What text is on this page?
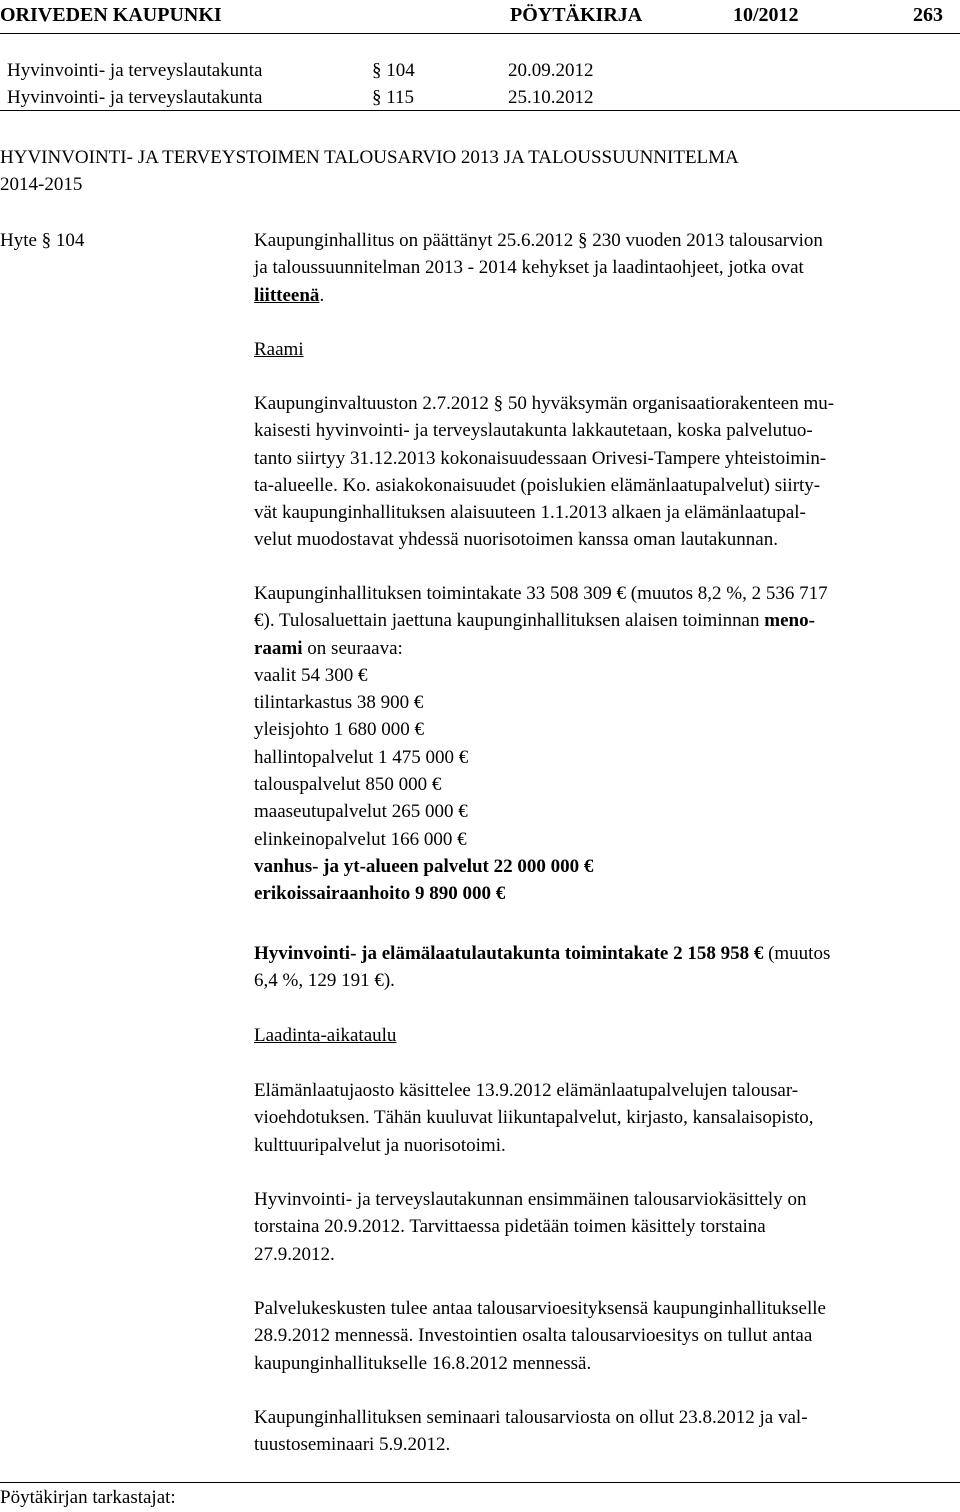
ORIVEDEN KAUPUNKI	PÖYTÄKIRJA	10/2012	263
Hyvinvointi- ja terveyslautakunta	§ 104	20.09.2012
Hyvinvointi- ja terveyslautakunta	§ 115	25.10.2012
HYVINVOINTI- JA TERVEYSTOIMEN TALOUSARVIO 2013 JA TALOUSSUUNNITELMA
2014-2015
Hyte § 104	Kaupunginhallitus on päättänyt 25.6.2012 § 230 vuoden 2013 talousarvion

ja taloussuunnitelman 2013 - 2014 kehykset ja laadintaohjeet, jotka ovat

liitteenä.

Raami

Kaupunginvaltuuston 2.7.2012 § 50 hyväksymän organisaatiorakenteen mu-

kaisesti hyvinvointi- ja terveyslautakunta lakkautetaan, koska palvelutuo-

tanto siirtyy 31.12.2013 kokonaisuudessaan Orivesi-Tampere yhteistoimin-

ta-alueelle. Ko. asiakokonaisuudet (poislukien elämänlaatupalvelut) siirty-

vät kaupunginhallituksen alaisuuteen 1.1.2013 alkaen ja elämänlaatupal-

velut muodostavat yhdessä nuorisotoimen kanssa oman lautakunnan.

Kaupunginhallituksen toimintakate 33 508 309 € (muutos 8,2 %, 2 536 717

€). Tulosaluettain jaettuna kaupunginhallituksen alaisen toiminnan meno-

raami on seuraava:

vaalit 54 300 €

tilintarkastus 38 900 €

yleisjohto 1 680 000 €

hallintopalvelut 1 475 000 €

talouspalvelut 850 000 €

maaseutupalvelut 265 000 €

elinkeinopalvelut 166 000 €

vanhus- ja yt-alueen palvelut 22 000 000 €

erikoissairaanhoito 9 890 000 €

Hyvinvointi- ja elämälaatulautakunta toimintakate 2 158 958 € (muutos

6,4 %, 129 191 €).

Laadinta-aikataulu

Elämänlaatujaosto käsittelee 13.9.2012 elämänlaatupalvelujen talousar-

vioehdotuksen. Tähän kuuluvat liikuntapalvelut, kirjasto, kansalaisopisto,

kulttuuripalvelut ja nuorisotoimi.

Hyvinvointi- ja terveyslautakunnan ensimmäinen talousarviokäsittely on

torstaina 20.9.2012. Tarvittaessa pidetään toimen käsittely torstaina

27.9.2012.

Palvelukeskusten tulee antaa talousarvioesityksensä kaupunginhallitukselle

28.9.2012 mennessä. Investointien osalta talousarvioesitys on tullut antaa

kaupunginhallitukselle 16.8.2012 mennessä.

Kaupunginhallituksen seminaari talousarviosta on ollut 23.8.2012 ja val-

tuustoseminaari 5.9.2012.

Pöytäkirjan tarkastajat:
